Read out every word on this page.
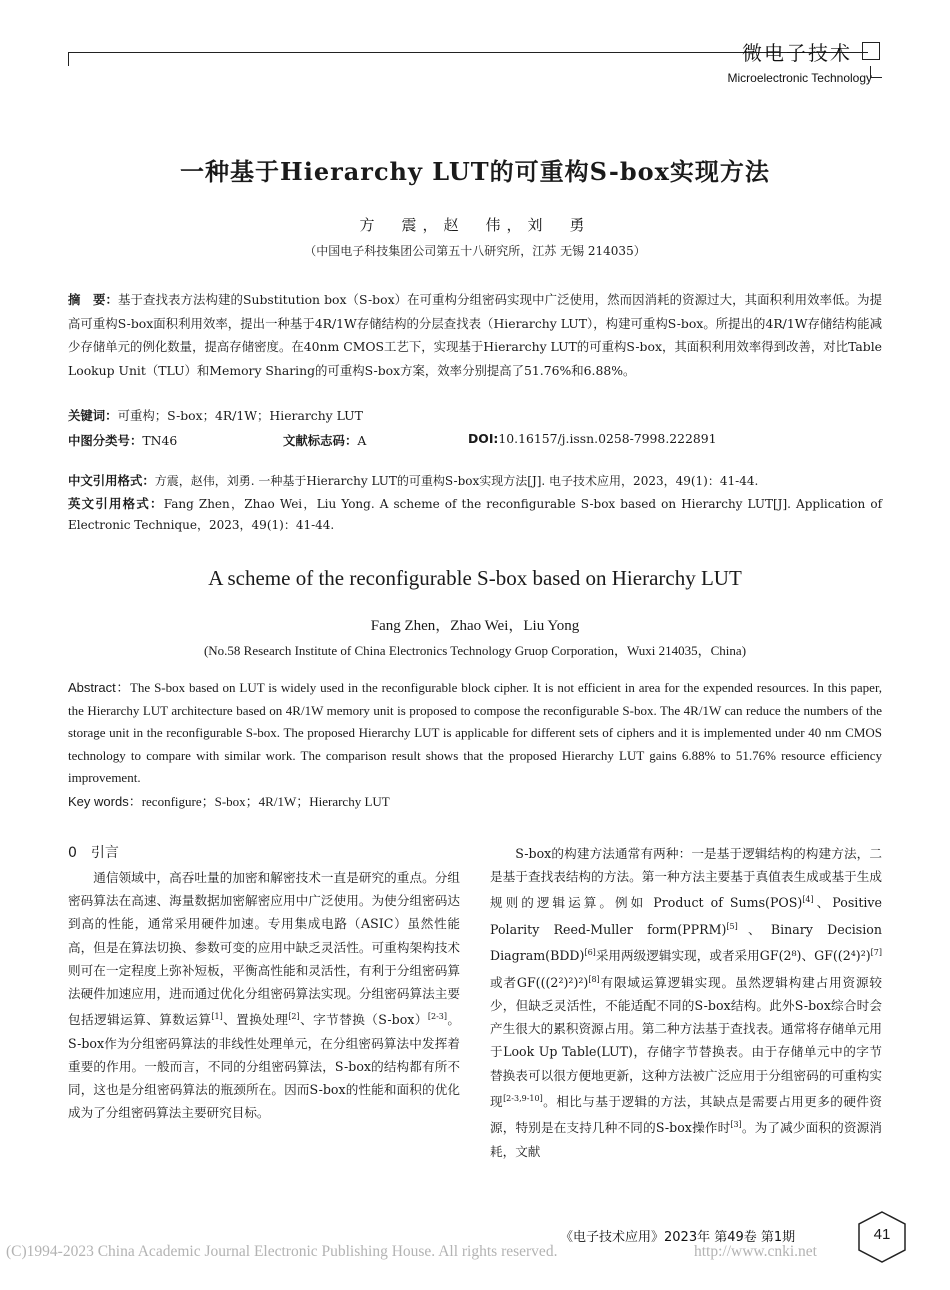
微电子技术
Microelectronic Technology
一种基于Hierarchy LUT的可重构S-box实现方法
方　震，赵　伟，刘　勇
（中国电子科技集团公司第五十八研究所，江苏 无锡 214035）
摘　要：基于查找表方法构建的Substitution box（S-box）在可重构分组密码实现中广泛使用，然而因消耗的资源过大，其面积利用效率低。为提高可重构S-box面积利用效率，提出一种基于4R/1W存储结构的分层查找表（Hierarchy LUT），构建可重构S-box。所提出的4R/1W存储结构能减少存储单元的例化数量，提高存储密度。在40nm CMOS工艺下，实现基于Hierarchy LUT的可重构S-box，其面积利用效率得到改善，对比Table Lookup Unit（TLU）和Memory Sharing的可重构S-box方案，效率分别提高了51.76%和6.88%。
关键词：可重构；S-box；4R/1W；Hierarchy LUT
中图分类号：TN46	文献标志码：A	DOI:10.16157/j.issn.0258-7998.222891
中文引用格式：方震，赵伟，刘勇. 一种基于Hierarchy LUT的可重构S-box实现方法[J]. 电子技术应用，2023，49(1)：41-44.
英文引用格式：Fang Zhen，Zhao Wei，Liu Yong. A scheme of the reconfigurable S-box based on Hierarchy LUT[J]. Application of Electronic Technique，2023，49(1)：41-44.
A scheme of the reconfigurable S-box based on Hierarchy LUT
Fang Zhen，Zhao Wei，Liu Yong
(No.58 Research Institute of China Electronics Technology Gruop Corporation，Wuxi 214035，China)
Abstract：The S-box based on LUT is widely used in the reconfigurable block cipher. It is not efficient in area for the expended resources. In this paper, the Hierarchy LUT architecture based on 4R/1W memory unit is proposed to compose the reconfigurable S-box. The 4R/1W can reduce the numbers of the storage unit in the reconfigurable S-box. The proposed Hierarchy LUT is applicable for different sets of ciphers and it is implemented under 40 nm CMOS technology to compare with similar work. The comparison result shows that the proposed Hierarchy LUT gains 6.88% to 51.76% resource efficiency improvement.
Key words：reconfigure；S-box；4R/1W；Hierarchy LUT
0　引言

通信领域中，高吞吐量的加密和解密技术一直是研究的重点。分组密码算法在高速、海量数据加密解密应用中广泛使用。为使分组密码达到高的性能，通常采用硬件加速。专用集成电路（ASIC）虽然性能高，但是在算法切换、参数可变的应用中缺乏灵活性。可重构架构技术则可在一定程度上弥补短板，平衡高性能和灵活性，有利于分组密码算法硬件加速应用，进而通过优化分组密码算法实现。分组密码算法主要包括逻辑运算、算数运算[1]、置换处理[2]、字节替换（S-box）[2-3]。S-box作为分组密码算法的非线性处理单元，在分组密码算法中发挥着重要的作用。一般而言，不同的分组密码算法，S-box的结构都有所不同，这也是分组密码算法的瓶颈所在。因而S-box的性能和面积的优化成为了分组密码算法主要研究目标。

S-box的构建方法通常有两种：一是基于逻辑结构的构建方法，二是基于查找表结构的方法。第一种方法主要基于真值表生成或基于生成规则的逻辑运算。例如 Product of Sums(POS)[4]、Positive Polarity Reed-Muller form(PPRM)[5]、Binary Decision Diagram(BDD)[6]采用两级逻辑实现，或者采用GF(2⁸)、GF((2⁴)²)[7]或者GF(((2²)²)²)[8]有限域运算逻辑实现。虽然逻辑构建占用资源较少，但缺乏灵活性，不能适配不同的S-box结构。此外S-box综合时会产生很大的累积资源占用。第二种方法基于查找表。通常将存储单元用于Look Up Table(LUT)，存储字节替换表。由于存储单元中的字节替换表可以很方便地更新，这种方法被广泛应用于分组密码的可重构实现[2-3,9-10]。相比与基于逻辑的方法，其缺点是需要占用更多的硬件资源，特别是在支持几种不同的S-box操作时[3]。为了减少面积的资源消耗，文献

《电子技术应用》2023年 第49卷 第1期	41
(C)1994-2023 China Academic Journal Electronic Publishing House. All rights reserved.	http://www.cnki.net
